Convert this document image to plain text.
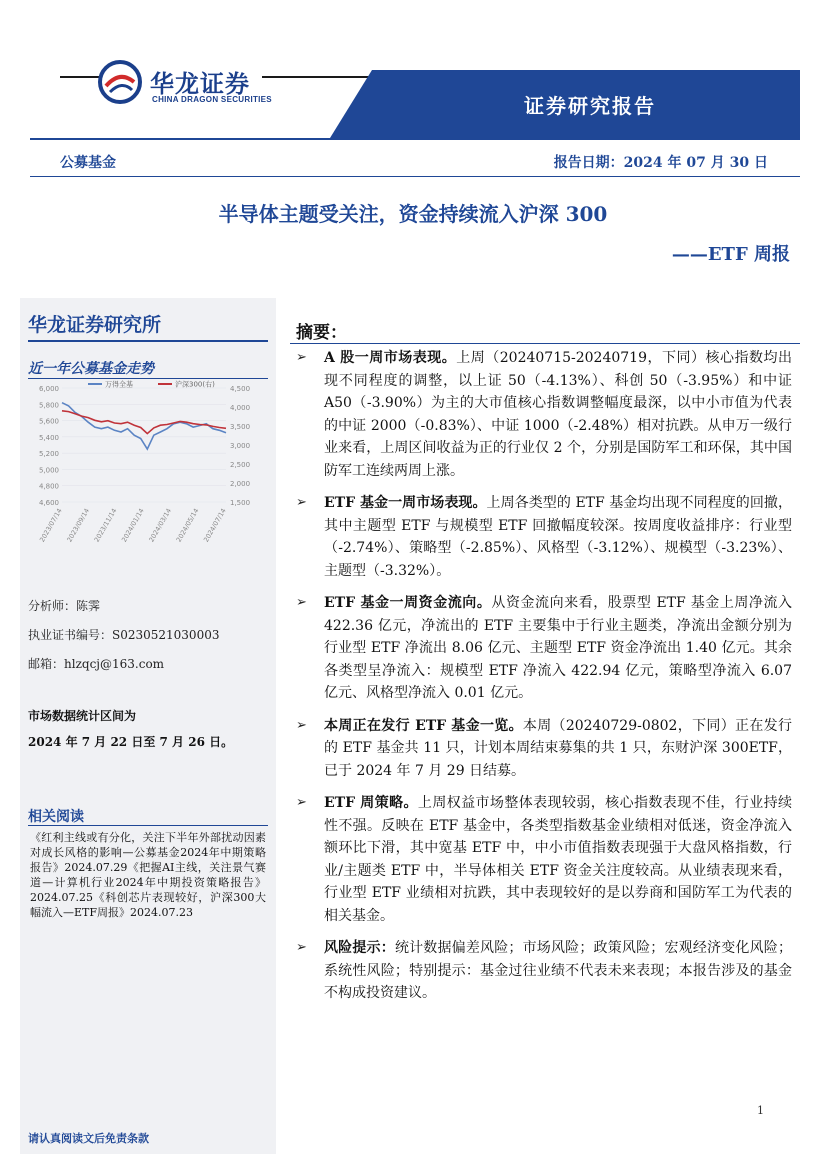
华龙证券
CHINA DRAGON SECURITIES	证券研究报告
公募基金	报告日期：2024 年 07 月 30 日
半导体主题受关注，资金持续流入沪深 300
——ETF 周报
华龙证券研究所
近一年公募基金走势
6,000
5,800
5,600
5,400
5,200
5,000
4,800
4,600
4,500
4,000
3,500
3,000
2,500
2,000
1,500
2023/07/14 2023/09/14 2023/11/14 2024/01/14 2024/03/14 2024/05/14 2024/07/14
万得全基	沪深300(右)
分析师：陈霁
执业证书编号：S0230521030003
邮箱：hlzqcj@163.com
市场数据统计区间为
2024 年 7 月 22 日至 7 月 26 日。
相关阅读
《红利主线或有分化，关注下半年外部扰动因素对成长风格的影响—公募基金2024年中期策略报告》2024.07.29《把握AI主线，关注景气赛道—计算机行业2024年中期投资策略报告》2024.07.25《科创芯片表现较好，沪深300大幅流入—ETF周报》2024.07.23
请认真阅读文后免责条款
摘要：
➢ A 股一周市场表现。上周（20240715-20240719，下同）核心指数均出现不同程度的调整，以上证 50（-4.13%）、科创 50（-3.95%）和中证 A50（-3.90%）为主的大市值核心指数调整幅度最深，以中小市值为代表的中证 2000（-0.83%）、中证 1000（-2.48%）相对抗跌。从申万一级行业来看，上周区间收益为正的行业仅 2 个，分别是国防军工和环保，其中国防军工连续两周上涨。
➢ ETF 基金一周市场表现。上周各类型的 ETF 基金均出现不同程度的回撤，其中主题型 ETF 与规模型 ETF 回撤幅度较深。按周度收益排序：行业型（-2.74%）、策略型（-2.85%）、风格型（-3.12%）、规模型（-3.23%）、主题型（-3.32%）。
➢ ETF 基金一周资金流向。从资金流向来看，股票型 ETF 基金上周净流入 422.36 亿元，净流出的 ETF 主要集中于行业主题类，净流出金额分别为行业型 ETF 净流出 8.06 亿元、主题型 ETF 资金净流出 1.40 亿元。其余各类型呈净流入：规模型 ETF 净流入 422.94 亿元，策略型净流入 6.07 亿元、风格型净流入 0.01 亿元。
➢ 本周正在发行 ETF 基金一览。本周（20240729-0802，下同）正在发行的 ETF 基金共 11 只，计划本周结束募集的共 1 只，东财沪深 300ETF，已于 2024 年 7 月 29 日结募。
➢ ETF 周策略。上周权益市场整体表现较弱，核心指数表现不佳，行业持续性不强。反映在 ETF 基金中，各类型指数基金业绩相对低迷，资金净流入额环比下滑，其中宽基 ETF 中，中小市值指数表现强于大盘风格指数，行业/主题类 ETF 中，半导体相关 ETF 资金关注度较高。从业绩表现来看，行业型 ETF 业绩相对抗跌，其中表现较好的是以券商和国防军工为代表的相关基金。
➢ 风险提示：统计数据偏差风险；市场风险；政策风险；宏观经济变化风险；系统性风险；特别提示：基金过往业绩不代表未来表现；本报告涉及的基金不构成投资建议。
1
